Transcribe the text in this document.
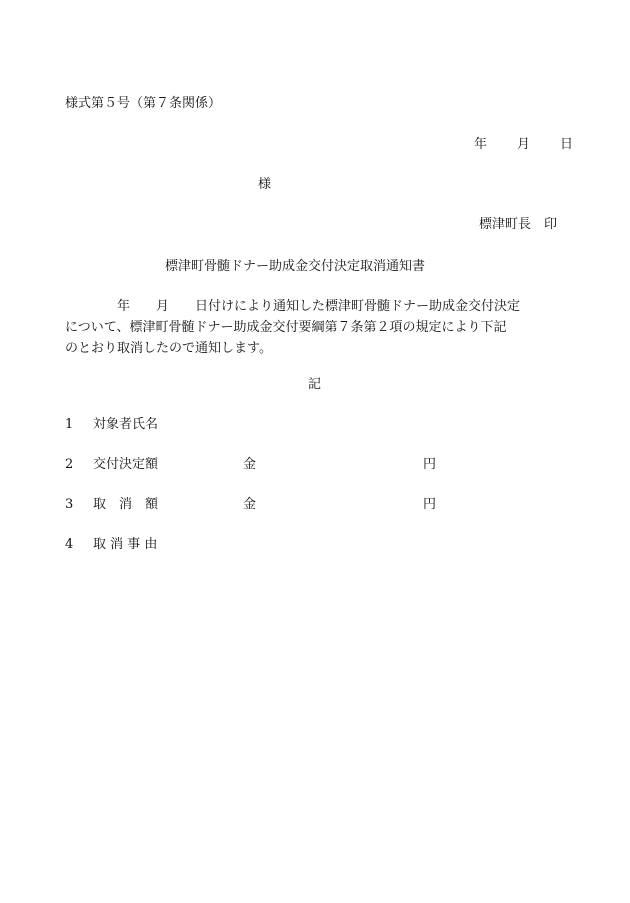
様式第５号（第７条関係）
年 月 日
様
標津町長　印
標津町骨髄ドナー助成金交付決定取消通知書
年 月 日付けにより通知した標津町骨髄ドナー助成金交付決定
について、標津町骨髄ドナー助成金交付要綱第７条第２項の規定により下記
のとおり取消したので通知します。
記
1 対象者氏名
2 交付決定額	金	円
3 取　消　額	金	円
4 取 消 事 由
